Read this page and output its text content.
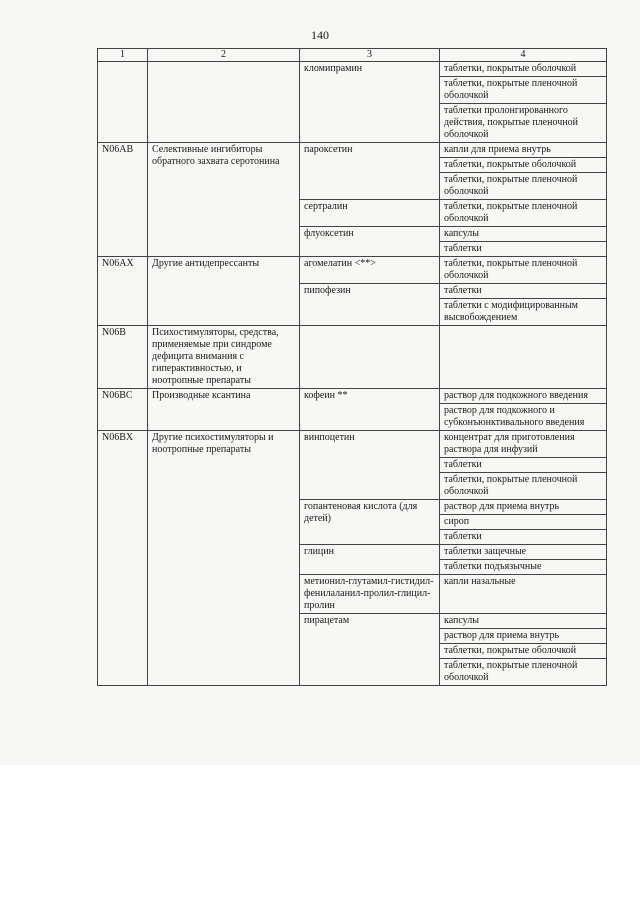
140
1	2	3	4
		кломипрамин	таблетки, покрытые оболочкой
			таблетки, покрытые пленочной оболочкой
			таблетки пролонгированного действия, покрытые пленочной оболочкой
N06AB	Селективные ингибиторы обратного захвата серотонина	пароксетин	капли для приема внутрь
			таблетки, покрытые оболочкой
			таблетки, покрытые пленочной оболочкой
		сертралин	таблетки, покрытые пленочной оболочкой
		флуоксетин	капсулы
			таблетки
N06AX	Другие антидепрессанты	агомелатин <**>	таблетки, покрытые пленочной оболочкой
		пипофезин	таблетки
			таблетки с модифицированным высвобождением
N06B	Психостимуляторы, средства, применяемые при синдроме дефицита внимания с гиперактивностью, и ноотропные препараты		
N06BC	Производные ксантина	кофеин **	раствор для подкожного введения
			раствор для подкожного и субконъюнктивального введения
N06BX	Другие психостимуляторы и ноотропные препараты	винпоцетин	концентрат для приготовления раствора для инфузий
			таблетки
			таблетки, покрытые пленочной оболочкой
		гопантеновая кислота (для детей)	раствор для приема внутрь
			сироп
			таблетки
		глицин	таблетки защечные
			таблетки подъязычные
		метионил-глутамил-гистидил-фенилаланил-пролил-глицил-пролин	капли назальные
		пирацетам	капсулы
			раствор для приема внутрь
			таблетки, покрытые оболочкой
			таблетки, покрытые пленочной оболочкой
